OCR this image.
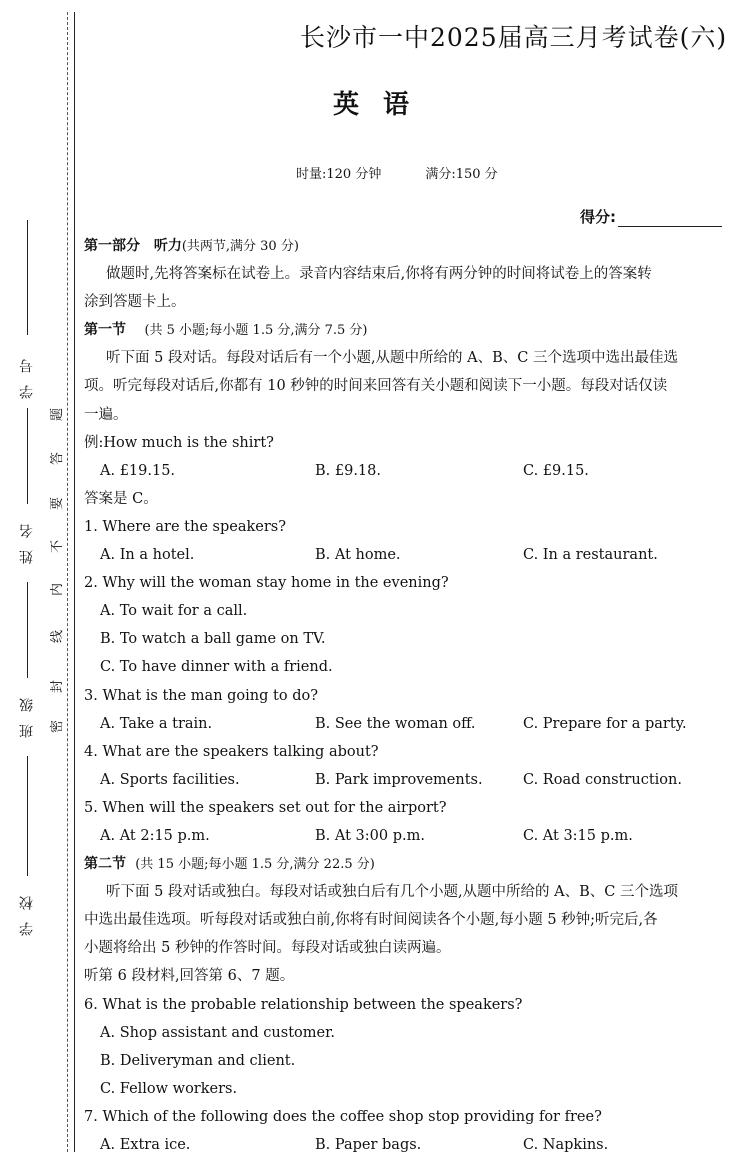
学号
姓名
班级
学校
密
封
线
内
不
要
答
题
长沙市一中2025届高三月考试卷(六)
英 语
时量:120 分钟	满分:150 分
得分:
第一部分 听力(共两节,满分 30 分)
做题时,先将答案标在试卷上。录音内容结束后,你将有两分钟的时间将试卷上的答案转
涂到答题卡上。
第一节 (共 5 小题;每小题 1.5 分,满分 7.5 分)
听下面 5 段对话。每段对话后有一个小题,从题中所给的 A、B、C 三个选项中选出最佳选
项。听完每段对话后,你都有 10 秒钟的时间来回答有关小题和阅读下一小题。每段对话仅读
一遍。
例:How much is the shirt?
A. £19.15.	B. £9.18.	C. £9.15.
答案是 C。
1. Where are the speakers?
A. In a hotel.	B. At home.	C. In a restaurant.
2. Why will the woman stay home in the evening?
A. To wait for a call.
B. To watch a ball game on TV.
C. To have dinner with a friend.
3. What is the man going to do?
A. Take a train.	B. See the woman off.	C. Prepare for a party.
4. What are the speakers talking about?
A. Sports facilities.	B. Park improvements.	C. Road construction.
5. When will the speakers set out for the airport?
A. At 2:15 p.m.	B. At 3:00 p.m.	C. At 3:15 p.m.
第二节 (共 15 小题;每小题 1.5 分,满分 22.5 分)
听下面 5 段对话或独白。每段对话或独白后有几个小题,从题中所给的 A、B、C 三个选项
中选出最佳选项。听每段对话或独白前,你将有时间阅读各个小题,每小题 5 秒钟;听完后,各
小题将给出 5 秒钟的作答时间。每段对话或独白读两遍。
听第 6 段材料,回答第 6、7 题。
6. What is the probable relationship between the speakers?
A. Shop assistant and customer.
B. Deliveryman and client.
C. Fellow workers.
7. Which of the following does the coffee shop stop providing for free?
A. Extra ice.	B. Paper bags.	C. Napkins.
